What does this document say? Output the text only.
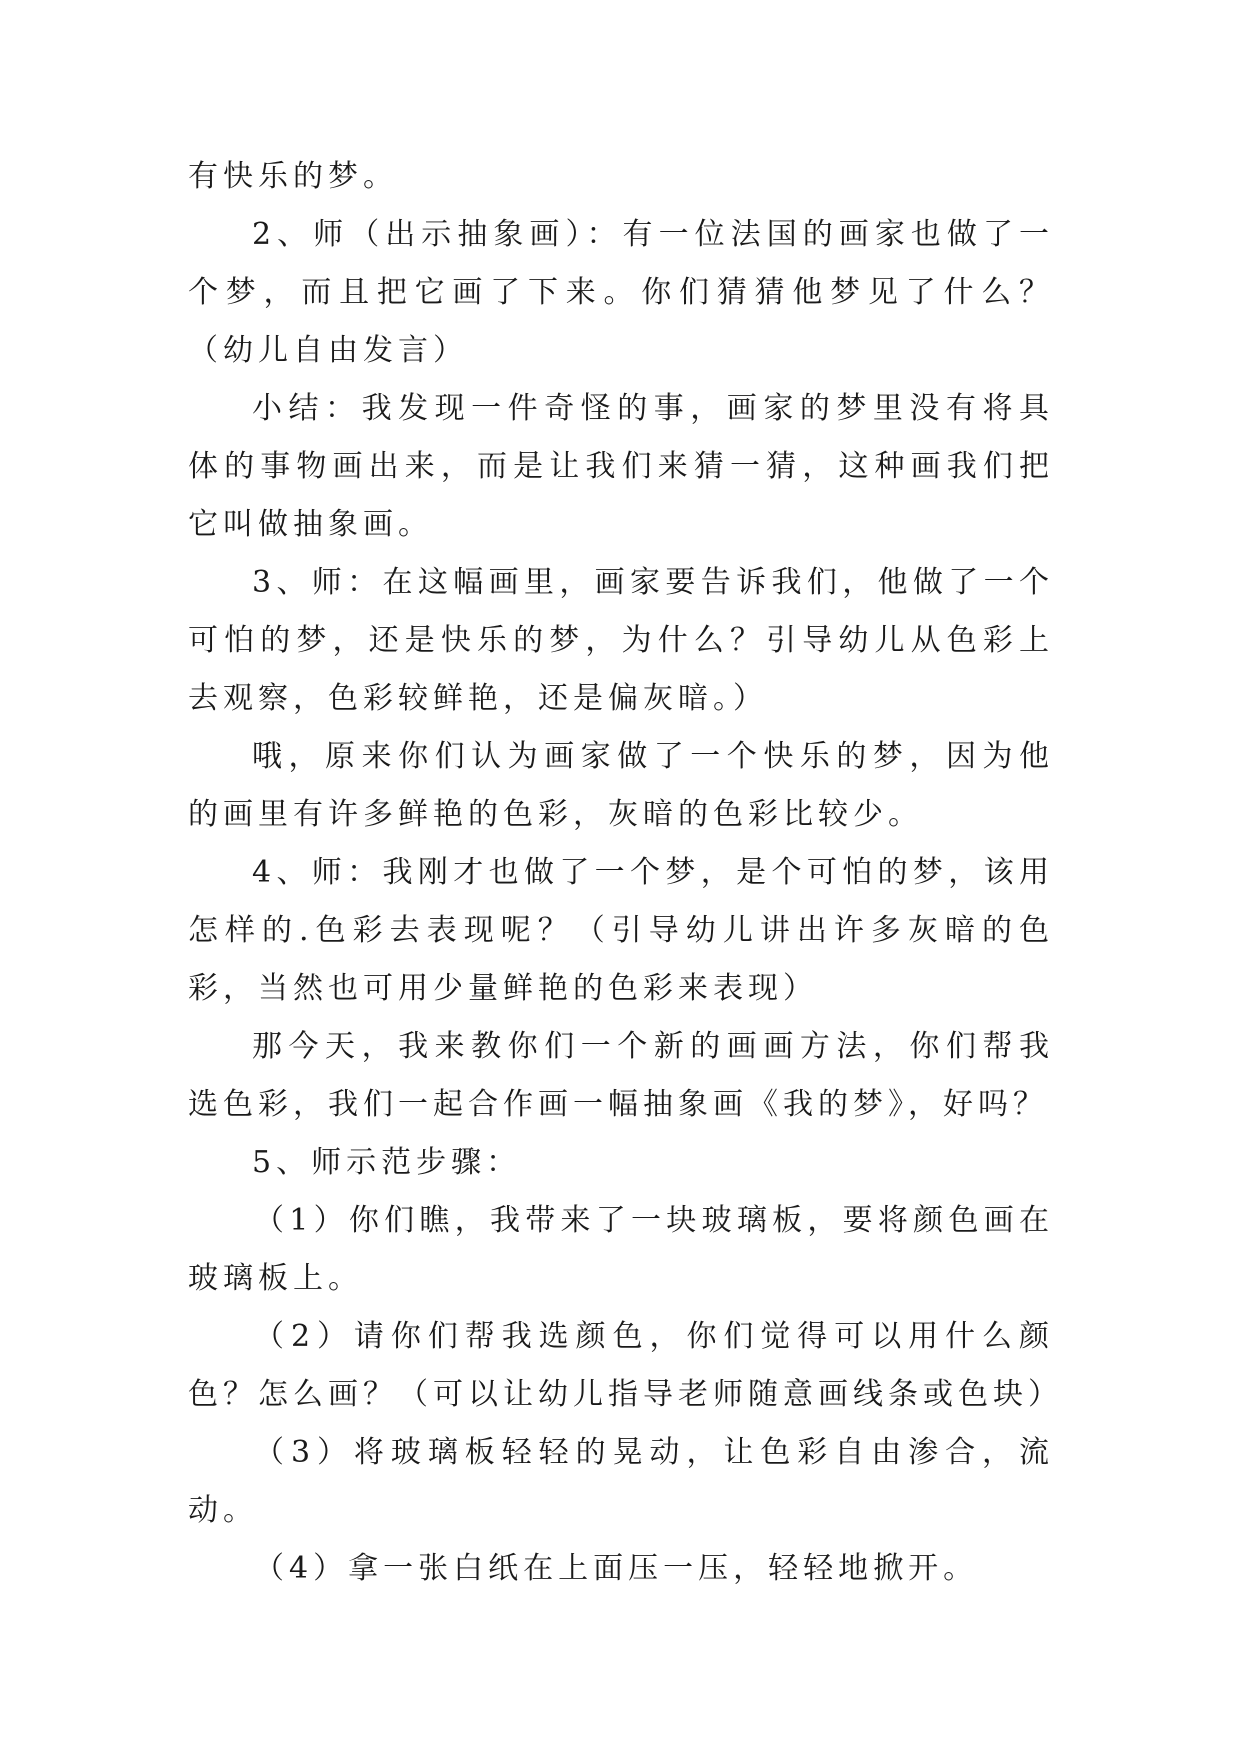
有快乐的梦。

2、师（出示抽象画）：有一位法国的画家也做了一个梦，而且把它画了下来。你们猜猜他梦见了什么？（幼儿自由发言）

小结：我发现一件奇怪的事，画家的梦里没有将具体的事物画出来，而是让我们来猜一猜，这种画我们把它叫做抽象画。

3、师：在这幅画里，画家要告诉我们，他做了一个可怕的梦，还是快乐的梦，为什么？引导幼儿从色彩上去观察，色彩较鲜艳，还是偏灰暗。）

哦，原来你们认为画家做了一个快乐的梦，因为他的画里有许多鲜艳的色彩，灰暗的色彩比较少。

4、师：我刚才也做了一个梦，是个可怕的梦，该用怎样的.色彩去表现呢？（引导幼儿讲出许多灰暗的色彩，当然也可用少量鲜艳的色彩来表现）

那今天，我来教你们一个新的画画方法，你们帮我选色彩，我们一起合作画一幅抽象画《我的梦》，好吗？

5、师示范步骤：

（1）你们瞧，我带来了一块玻璃板，要将颜色画在玻璃板上。

（2）请你们帮我选颜色，你们觉得可以用什么颜色？怎么画？（可以让幼儿指导老师随意画线条或色块）

（3）将玻璃板轻轻的晃动，让色彩自由渗合，流动。

（4）拿一张白纸在上面压一压，轻轻地掀开。
